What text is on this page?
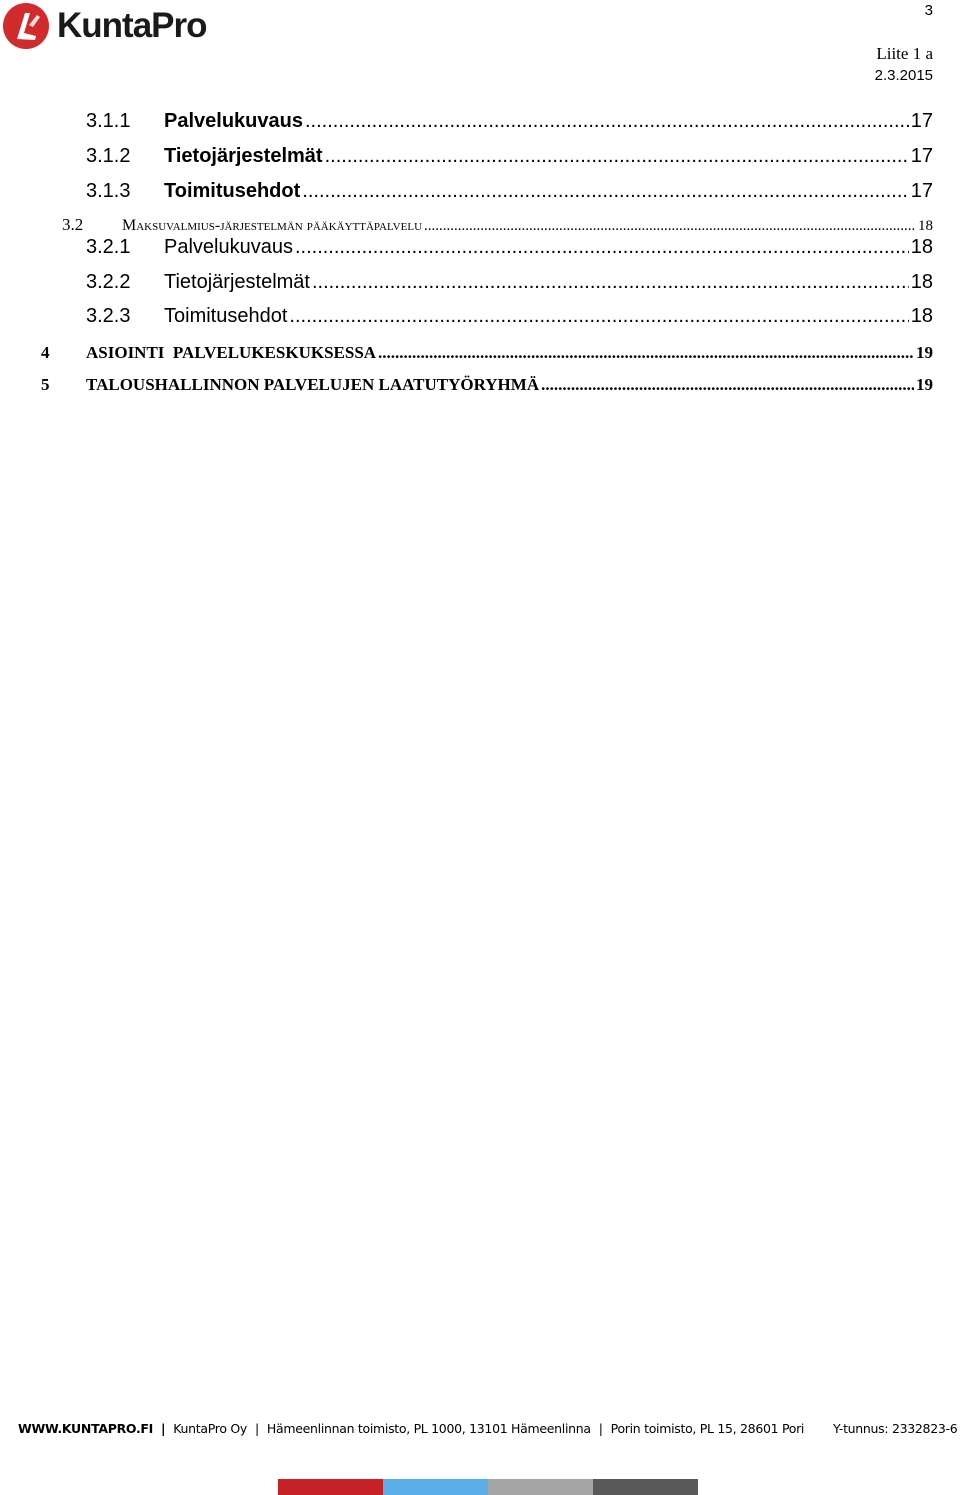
KuntaPro	3
Liite 1 a
2.3.2015
3.1.1	Palvelukuvaus .....	17
3.1.2	Tietojärjestelmät .....	17
3.1.3	Toimitusehdot .....	17
3.2	Maksuvalmius-järjestelmän pääkäyttäpalvelu .....	18
3.2.1	Palvelukuvaus .....	18
3.2.2	Tietojärjestelmät .....	18
3.2.3	Toimitusehdot .....	18
4	ASIOINTI  PALVELUKESKUKSESSA .....	19
5	TALOUSHALLINNON PALVELUJEN LAATUTYÖRYHMÄ .....	19
WWW.KUNTAPRO.FI | KuntaPro Oy | Hämeenlinnan toimisto, PL 1000, 13101 Hämeenlinna | Porin toimisto, PL 15, 28601 Pori Y-tunnus: 2332823-6
